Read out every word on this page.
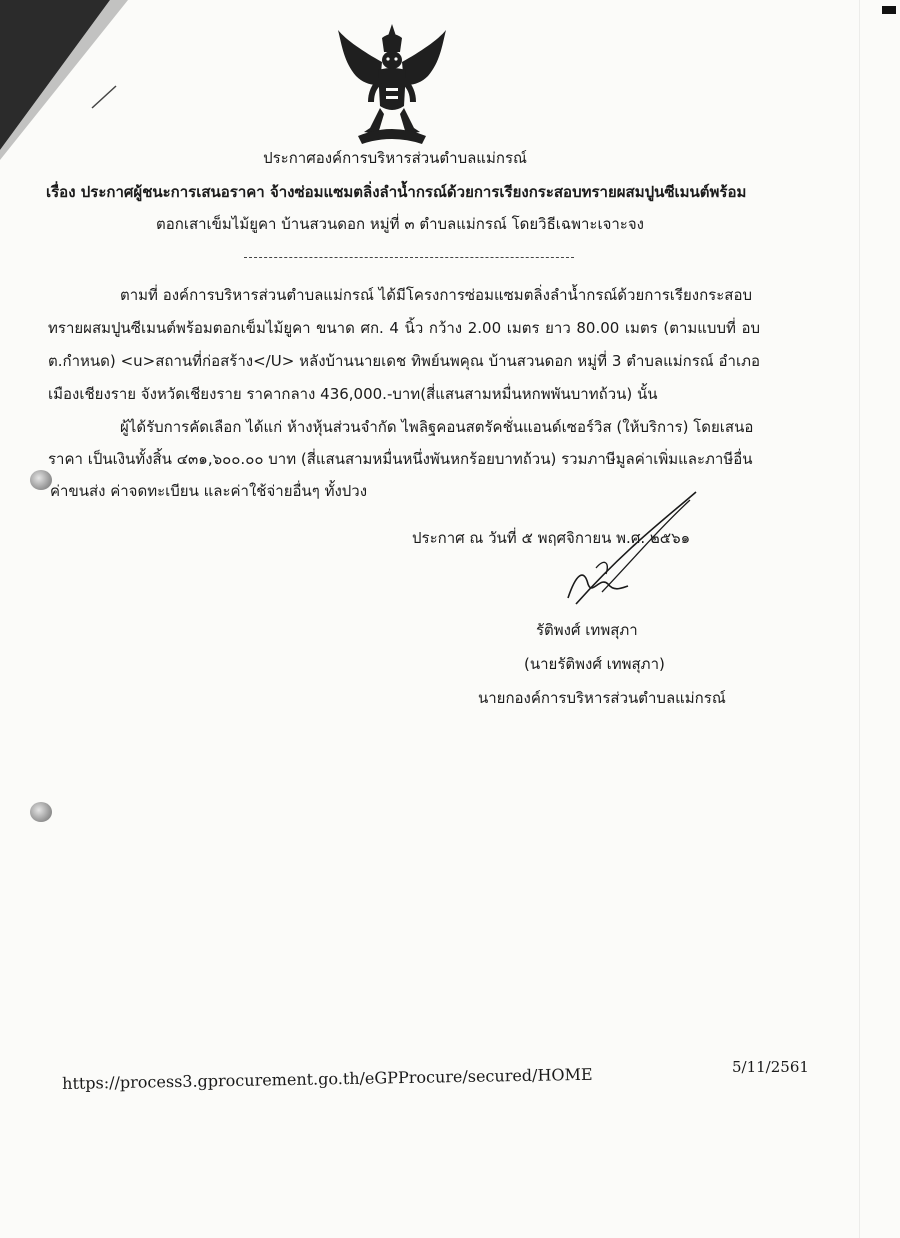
ประกาศองค์การบริหารส่วนตำบลแม่กรณ์
เรื่อง ประกาศผู้ชนะการเสนอราคา จ้างซ่อมแซมตลิ่งลำน้ำกรณ์ด้วยการเรียงกระสอบทรายผสมปูนซีเมนต์พร้อม
ตอกเสาเข็มไม้ยูคา บ้านสวนดอก หมู่ที่ ๓ ตำบลแม่กรณ์ โดยวิธีเฉพาะเจาะจง
ตามที่ องค์การบริหารส่วนตำบลแม่กรณ์ ได้มีโครงการซ่อมแซมตลิ่งลำน้ำกรณ์ด้วยการเรียงกระสอบ
ทรายผสมปูนซีเมนต์พร้อมตอกเข็มไม้ยูคา ขนาด ศก. 4 นิ้ว กว้าง 2.00 เมตร ยาว 80.00 เมตร (ตามแบบที่ อบ
ต.กำหนด) <u>สถานที่ก่อสร้าง</U> หลังบ้านนายเดช ทิพย์นพคุณ บ้านสวนดอก หมู่ที่ 3 ตำบลแม่กรณ์ อำเภอ
เมืองเชียงราย จังหวัดเชียงราย ราคากลาง 436,000.-บาท(สี่แสนสามหมื่นหกพพันบาทถ้วน) นั้น
ผู้ได้รับการคัดเลือก ได้แก่ ห้างหุ้นส่วนจำกัด ไพลิฐคอนสตรัคชั่นแอนด์เซอร์วิส (ให้บริการ) โดยเสนอ
ราคา เป็นเงินทั้งสิ้น ๔๓๑,๖๐๐.๐๐ บาท (สี่แสนสามหมื่นหนึ่งพันหกร้อยบาทถ้วน) รวมภาษีมูลค่าเพิ่มและภาษีอื่น
ค่าขนส่ง ค่าจดทะเบียน และค่าใช้จ่ายอื่นๆ ทั้งปวง
ประกาศ ณ วันที่ ๕ พฤศจิกายน พ.ศ. ๒๕๖๑
รัติพงศ์ เทพสุภา
(นายรัติพงศ์ เทพสุภา)
นายกองค์การบริหารส่วนตำบลแม่กรณ์
https://process3.gprocurement.go.th/eGPProcure/secured/HOME	5/11/2561
